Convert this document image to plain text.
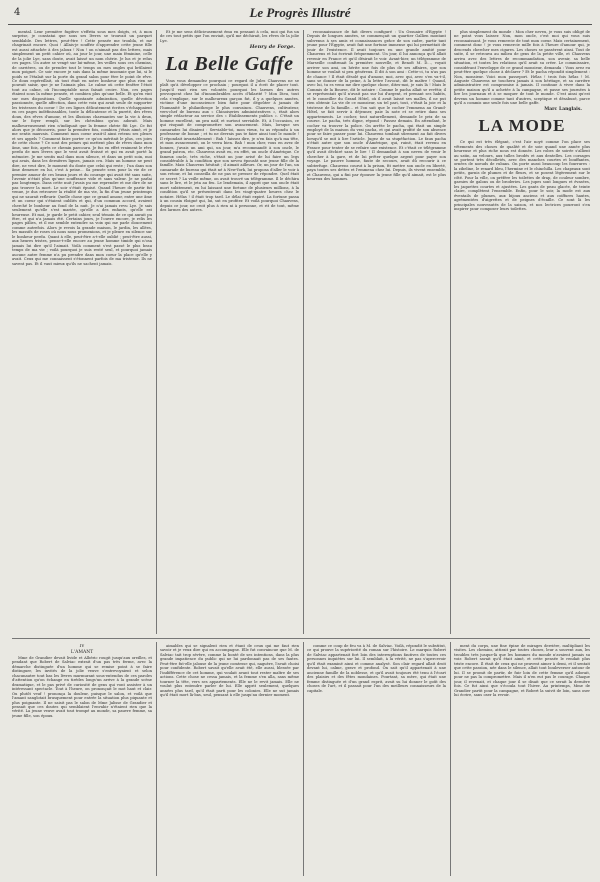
4	Le Progrès Illustré

mental. Leur première fugitive s'effrita sous mes doigts, et, à mon surprise, je constatai que sous ses lèvres se trouvait un parquet semblable. Des lettres, peut-être ! Cette pensée me troubla, et me chagrinait encore. Quoi ! Allais-je souffrir d'apprendre cette jeune fille est aussi attachée à des jaloux ! Non ! on n'aimait pas des lettres, mais simplement un petit cahier où, au jour le jour, une main féminine, celle de la jolie Lye, sans doute, avait laissé un nom chérie. Je lus et je relus ces pages. Un autre se vengé sur lui-même, les veilles sous ces chemins, de carrières, ou de prendre tout le temps ou mes ongles qui brûlaient mon poignet. Ce soir encore je suis dans la même insomnie que lui, si le poids se l'étalait sur la porte du grand salon pour être le point de rêve. Ce doux espéreillait, où tout était en notre bonheur que plus rien ne pouvait saisir, que je ne l'aimais plus. Le calme où cette fenêtre l'étoit tout au calme, où l'incomptable nous faisait croire. Non, ces pages étaient sous la même pensée, et combien plus qu'une belle. Et qu'en vint sur mes dispositions. Quelle spontanée admiration, quelle dévotion passionnée, quelle affection, dans cette voix qui avait seule de supporter les tristesses du coeur ! De ces lignes délicatement écrites s'échappaient en ces pages indéfinissables, toute la délicatesse et la pureté, des rêves doux, des rêves d'amour, et les illusions charmantes sur la vie à deux, sur le foyer rempli, sur les chérubins qu'on adorait. Mais malheureusement rien n'indiquait que la femme chérie fût Lye. Ce fut alors que je découvris, pour la première fois, combien j'étais aimé, et je me sentis mauvais. Comment mon coeur avait-il ainsi retenu ses pleurs et ses appels ? Comment faire porter ce qu'on méritait le plus, ces joies de cette chose ? Ce sont des peines qui mettent plus de rêves dans mon âme, une fois, après ce chemin parcouru. Je fus en effet vraiment le rêve perdu de mes lèvres que le vent avait froissé et qui en avait porté la mémoire. Je me sentis mal dans mon silence, et dans un petit soin, moi qui avais, dans les dernières lignes, jamais cru. Mais un homme ne peut dire, ne veut dire, le moment du doute que celui qui reste ; l'un dans son âme demeure en lui, c'est à peine... Sa pensée sera pour la vie de ce premier amour de ces beaux jours et du courage qui avait été sans suite, l'avenir n'était plus qu'une souffrance vide et sans valeur. Je ne parlai pas longtemps. Dans cette nuit j'avais pu me reprendre et me dire de ne pas trouver la mort. Le soir s'était épuisé. Quand l'heure de partir fut venue, je dus retrouver la réalité de ma vie, la fin d'un jeune printemps qui ne saurait refleurir. Quelle chose que ce grand amour, entre une âme et un coeur qui s'étaient oubliés et qui, d'un commun accord, avaient cherché le bonheur au fond de la nuit. Je n'ai jamais revu Lye. Je sais seulement qu'elle s'est mariée, qu'elle a des enfants, qu'elle est heureuse. Et moi, je garde le petit cahier, seul témoin de ce qui aurait pu être, et qui n'a jamais été. Certains jours, je l'ouvre encore, je relis les pages pâlies, et il me semble entendre sa voix qui me parle doucement comme autrefois. Alors je revois la grande maison, le jardin, les allées, les massifs de roses où nous nous promenions, et je pleure en silence sur le bonheur perdu. Quant à elle, peut-être a-t-elle oublié ; peut-être aussi, aux heures tristes, pense-t-elle encore au jeune homme timide qui n'osa jamais lui dire qu'il l'aimait. Voilà comment s'est passé le plus beau temps de ma vie ; voilà pourquoi je suis resté seul, et pourquoi jamais aucune autre femme n'a pu prendre dans mon coeur la place qu'elle y avait. Ceux qui me connaissent s'étonnent parfois de ma tristesse. Ils ne savent pas. Et il vaut mieux qu'ils ne sachent jamais.

Et je me sens délicieusement ému en pensant à cela, moi qui fus un de ces tout petits que l'on enviait, qu'il me déchirait, les rêves de la jolie Lye.

Henry de Forge.
La Belle Gaffe

Vous vous demandez pourquoi ce regard de Jules Chauvens ne se plaît qu'à développer ce prochain ; pourquoi il a écrit de placer tout. Jusqu'il vaut rien ses volontés pourquoi les larmes des autres provoquent chez lui d'innombrables accès d'hilarité ? Mon Dieu, tout cela s'explique, sur le malheureux garçon fut, il y a quelques années, victime d'une inconscience bien faite pour dégoûter à jamais de l'humanité le philanthrope le plus convaincu. Chauvens, cultivateur, vers-chef de bureau aux « Chinoiseries administratives », était alors simple rédacteur au service des « Établissements publics ». C'était un homme excellent, un peu naïf, et surtout serviable. Et, à l'occasion, ce qui risquait de compromettre son avancement. Mais, lorsque ses camarades lui disaient : Serviable-toi, mon vieux, tu as répondu à un professeur de bonne ; et tu ne devrais pas te faire ainsi tout le monde ! Il répondait invariablement : Bah ! laissez dire, je n'en fais qu'à ma tête, et mon avancement, on le verra bien. Bah ! mon cher, vous en avez de bonnes, j'avais un ami qui, un jour, m'a recommandé à son oncle, le grand patron, etc. Chauvens avait eu, en effet, un oncle d'Amérique. Ce fameux oncle, très riche, s'était un jour avisé de lui faire un legs considérable à la condition que son neveu épousât une jeune fille de la famille. Mais Chauvens hésitait ; il aimait ailleurs. Or, un jour de l'an, un camarade de bureau qui était né à New-York, lui proposa d'aller le voir à son retour, et lui conseilla de ne pas se presser de répondre. Quel était ce secret ? La veille même, on avait trouvé un télégramme. Il le déchira sans le lire, et le jeta au feu. Le lendemain, il apprit que son oncle était mort subitement, en lui laissant une fortune de plusieurs millions, à la condition qu'il se présenterait dans les vingt-quatre heures chez le notaire. Hélas ! il était trop tard. Le délai était expiré. La fortune passa à un cousin éloigné qui, lui, sut en profiter. Et voilà pourquoi Chauvens, depuis ce jour, ne croit plus à rien ni à personne, et rit de tout, même des larmes des autres.

reconnaissance de fait divers configuré : Un Ossuaire d'Égypte ! Depuis de longues années, se commençait un quartier Gallien montant subvenus à ses amis et connaissances grâce de son cadre, partir tant jeune pour l'Égypte, avait fait une fortune immense qui lui permettait de jouir de l'existence. Il avait toujours eu une grande amitié pour Chauvens et lui écrivait fréquemment. Un jour, il lui annonça qu'il allait revenir en France et qu'il désirait le voir. Avant-hier, un télégramme de Marseille confirmait la première nouvelle, et Benoît M. D..., voyait arriver son ami, on hérite une fois de plus de ses affaires, que son homme se voulait si peu généreux. Il dit à son ami : Cette-ci, tu n'as pas de chance ! Il était désolé qui d'amour, moi, avec qui, avec s'en va-t-il, sans se donner de la peine, à la lettre l'avocat, dit le maître ! Quand, avec lui, tu es venu me dire quelque chose, dites-moi, je suis là ! Mais le Commis de la Bourse, dit le notaire : Comme le pacha allait se revêtir, il se représentait qu'il n'avait pas sur lui d'argent, et prenant ses habits, et le conseiller du Grand Hôtel, où il avait laissé ses malles, il ne put rien obtenir. La vie de ce monsieur, un tel pari, tout, c'était la joie et la tristesse de la famille... et l'on sait que le cocher l'emmena au Grand-Hôtel, se fait servir à déjeuner, paie la note et se retire dans ses appartements. Le cocher, tout naturellement, demande le prix de sa course. Le pacha, très digne, répond : Passez demain. En attendant, le cocher va trouver la police. On arrête le pacha, qui était un simple employé de la maison du vrai pacha, et qui avait profité de son absence pour se faire passer pour lui. Chauvens tombait sûrement au fait divers lorsqu'il se mit à lire l'article. Jugez de sa stupéfaction. Le faux pacha n'était autre que son oncle d'Amérique, qui, ruiné, était revenu en France pour tenter de se refaire une existence. Et c'était ce télégramme qu'il avait déchiré sans le lire ! Il demandait à son neveu de venir le chercher à la gare, et de lui prêter quelque argent pour payer son voyage. Le pauvre homme, faute de secours, avait dû recourir à ce subterfuge. Chauvens courut à la prison, fit mettre son oncle en liberté, paya toutes ses dettes et l'emmena chez lui. Depuis, ils vivent ensemble, et Chauvens, qui a fini par épouser la jeune fille qu'il aimait, est le plus heureux des hommes.

plus simplement du monde : Mon cher neveu, je vous suis obligé de ne point vous laisser. Non, mon oncle, c'est moi qui vous suis reconnaissant. Je vous remercie de tout mon coeur. Mais certainement, comment donc ! je vous remercie mille fois à l'heure d'amour qui, je descends chercher mes cigares. Les choses se passèrent ainsi. Tout de suite, il se retrouva au milieu de gens de la petite ville, et Chauvens arriva avec des lettres de recommandation, son avenir, sa belle situation, et toutes les relations qu'il avait su créer. Le commissaire, considérant l'enveloppe de ce grand monsieur, demanda : Vous avez eu peut-être quelque chose à déclarer ? Et le pacha répondit simplement : Non, monsieur. Voici mon passeport. Hélas ! trois fois hélas ! M. Auguste Chauvens ne touchera jamais à son héritage, et sa carrière administrative est compromise à jamais. Il continue à vivre dans la petite maison qu'il a achetée à la campagne, et passe ses journées à lire les journaux et à se moquer de tout le monde. C'est ainsi qu'est devenu un homme comme tant d'autres, sceptique et désabusé, parce qu'il a commis une seule fois une belle gaffe.

Marc Langlais.
LA MODE

Ce qui est très élégant, c'est l'air noyé comme l'on place ses vêtements des choses de qualité et de soie quand une année plus heureuse et plus riche nous est donnée. Les robes de soirée s'allient au satin, au velours, aux tulles brodés et aux dentelles. Les corsages se portent très décolletés, avec des manches courtes et bouffantes, ornées de noeuds de rubans. On porte aussi beaucoup les fourrures : la zibeline, le renard bleu, l'hermine et le chinchilla. Les chapeaux sont petits, garnis de plumes et de fleurs, et se posent légèrement sur le côté. Pour la ville, on préfère les toilettes de drap, de couleur sombre, garnies de galons ou de broderies. Les jupes sont longues et évasées, les jaquettes courtes et ajustées. Les gants de peau glacée, de teinte claire, complètent l'ensemble. Enfin, pour le soir, la mode est aux éventails de plumes, aux bijoux anciens et aux coiffures hautes, agrémentées d'aigrettes et de peignes d'écaille. Ce sont là les principales nouveautés de la saison, et nos lectrices pourront s'en inspirer pour composer leurs toilettes.

IV
L'AMANT

Mme de Grandier devait livide et Albéric rougit jusqu'aux oreilles, et pendant que Robert de Salviac extrait d'un pas très ferme, avec la démarche distinguée d'un homme qui se remise point à se faire distinguer, les invités de la jolie veuve s'entrevoyaient et selon chacunautre tout bas les lèvres murmurant sous-entendus de ces paroles d'attention qu'on échange en tirédes longs'un arrive à la grande scène dramatique, et le pas privé de curiosité de gens qui vont assister à un intéressant spectacle. Tout à l'heure, on prononçait le mot haut et clair. Ou plutôt veuf ! prononça la douleur, puisque le salon, et voilà que l'amant sanglotait brusquement pour entrée la situation plus piquante et plus poignante. Il ne saisit pas le salon de Mme Jalisse de Grandier et pensait que ces doutes qui semblaient l'envahir n'étaient rien que la vérité. La jeune veuve avait tout trompé au monde, sa pauvre femme, sa jeune fille, son époux.

aimables qui se signalent rien et étant de ceux qui me faut rien savoir et je veux dire qui en accompagne. Elle fut convaincue que M. de Salviac tait trop sévère, comme la bonté de ses intentions, dans la plus grande impatience du public qui ne lui pardonnait pas de ses fautes. Peut-être fut-elle jalouse de la jeune comtesse qui, naguère, l'avait choisi pour confidente. Robert savait qu'elle avait été, elle aussi, blessée par l'indifférence de cet homme, qui voulait avant tout rester maître de ses actions. Cette chose ne cessa jamais, et la femme s'en alla, sans même tourner la tête, vers ses appartements. Elle ne le revit jamais. Elle ne voulut plus entendre parler de lui. Elle apprit seulement, quelques années plus tard, qu'il était parti pour les colonies. Elle ne sut jamais qu'il était mort là-bas, seul, pensant à elle jusqu'au dernier moment.

comme ce coup de feu va à M. de Salviac. Voilà, répondit le substitut, ce qui prouve la supériorité du roman sur l'histoire. Le marquis Robert de Salviac appartenait fort loin des interruptions fautives de toutes ces personnes inquiètes sur lui. Il semblait, à la vérité, ne pas s'apercevoir qu'il était examiné ainsi et comme analysé. Son clair regard allait droit devant lui, calme, grave et profond. On sait qu'il appartenait à une ancienne famille de la noblesse, et qu'il avait toujours été tenu à l'écart des plaisirs et des fêtes mondaines. Pourtant, sa mère, qui était une femme distinguée et d'un grand esprit, avait su lui donner le goût des choses de l'art, et il passait pour l'un des meilleurs connaisseurs de la capitale.

ment du corps, une fine épine de mirages derrière, multipliant les visites. Les chemins, attirait par toutes choses, leur a souvent aux, les troubles trés jusque-là que les hommes du monde n'avaient jamais su voir. Robert savait qu'il était aimé, et cette pensée le rendait plus triste encore. Il était de ceux qui ne peuvent aimer à demi, et il sentait que cette passion, née dans le silence, allait tout bouleverser autour de lui. Il se promit de partir, de fuir loin de cette femme qu'il adorait, pour ne pas la compromettre. Mais il n'en eut pas le courage. Chaque jour, il revenait, et chaque jour il se disait que ce serait la dernière fois. Ce fut ainsi que s'écoula tout l'hiver. Au printemps, Mme de Grandier partit pour la campagne, et Robert la suivit de loin, sans oser lui écrire, sans oser la revoir.
